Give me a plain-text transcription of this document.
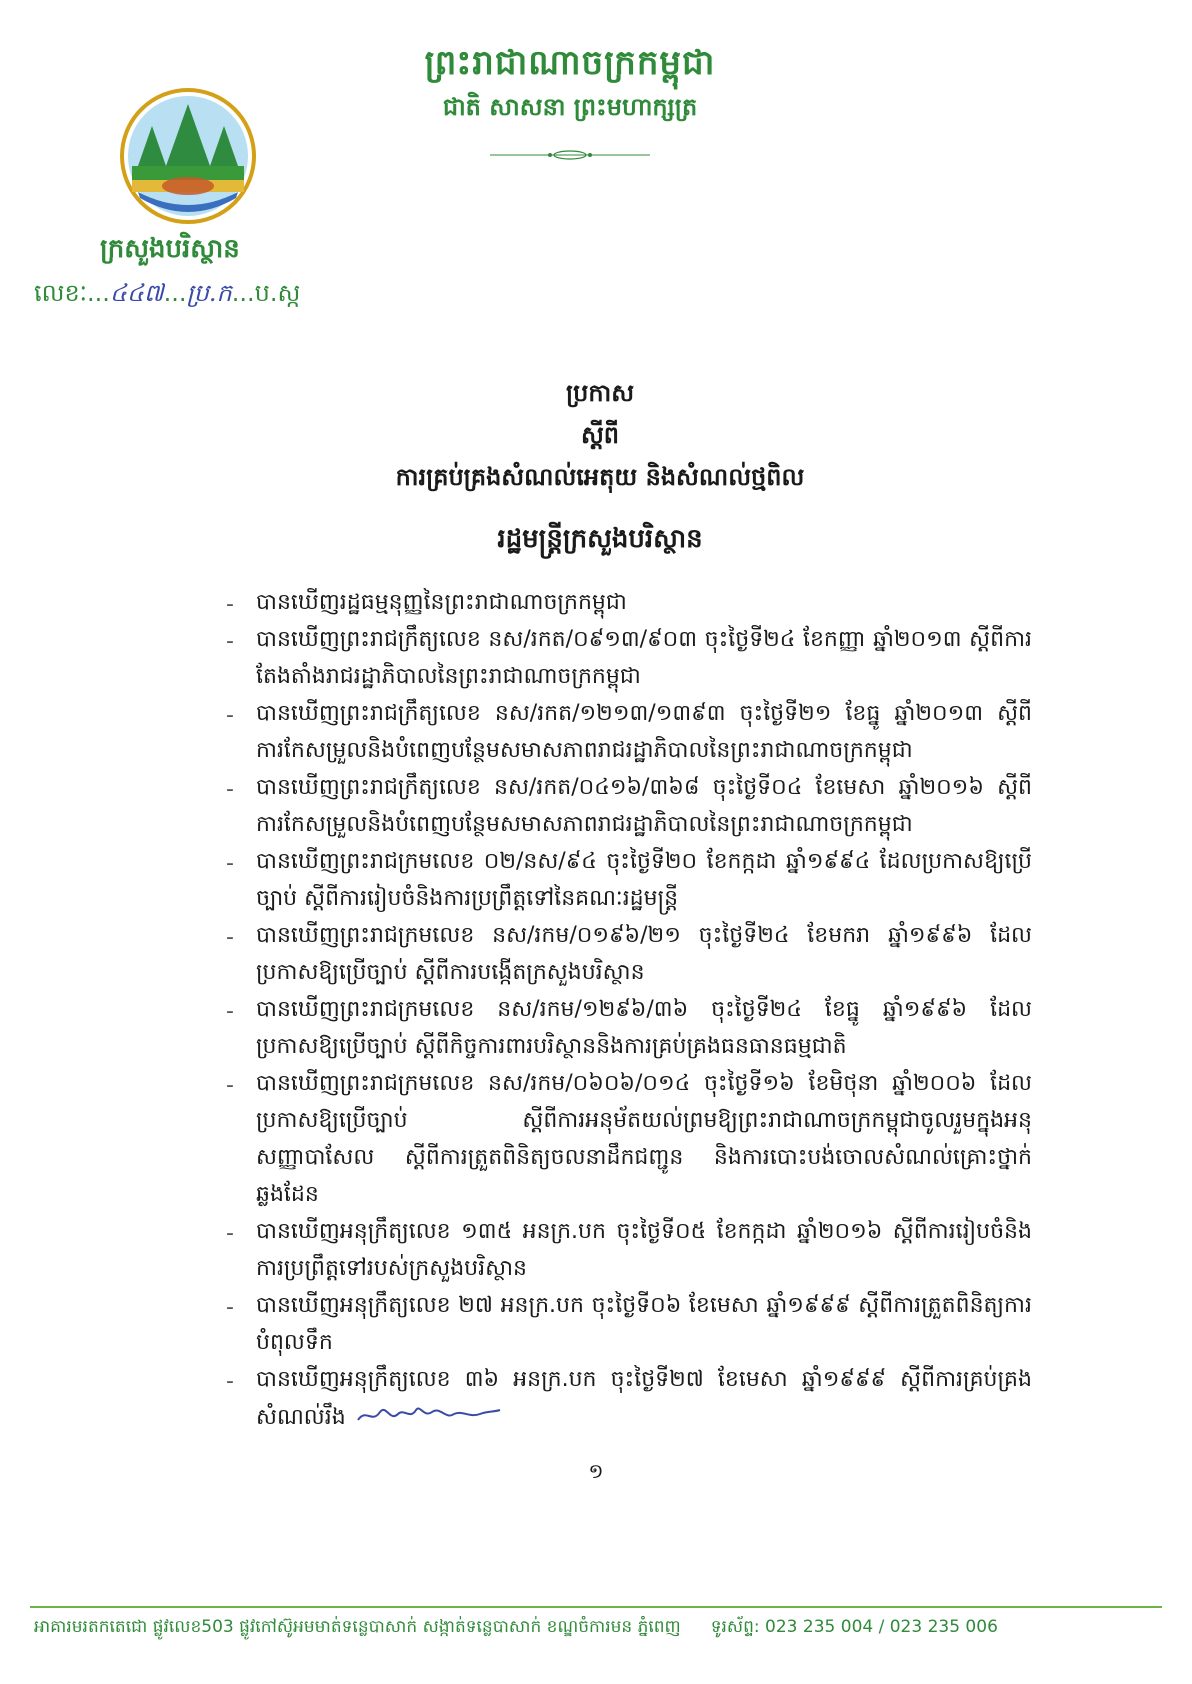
ព្រះរាជាណាចក្រកម្ពុជា
ជាតិ សាសនា ព្រះមហាក្សត្រ
ក្រសួងបរិស្ថាន
លេខៈ...៤៤៧...ប្រ.ក...ប.ស្ក
ប្រកាស
ស្តីពី
ការគ្រប់គ្រងសំណល់អេតុយ និងសំណល់ថ្មពិល
រដ្ឋមន្ត្រីក្រសួងបរិស្ថាន
- បានឃើញរដ្ឋធម្មនុញ្ញនៃព្រះរាជាណាចក្រកម្ពុជា
- បានឃើញព្រះរាជក្រឹត្យលេខ នស/រកត/០៩១៣/៩០៣ ចុះថ្ងៃទី២៤ ខែកញ្ញា ឆ្នាំ២០១៣ ស្តីពីការតែងតាំងរាជរដ្ឋាភិបាលនៃព្រះរាជាណាចក្រកម្ពុជា
- បានឃើញព្រះរាជក្រឹត្យលេខ នស/រកត/១២១៣/១៣៩៣ ចុះថ្ងៃទី២១ ខែធ្នូ ឆ្នាំ២០១៣ ស្តីពីការកែសម្រួលនិងបំពេញបន្ថែមសមាសភាពរាជរដ្ឋាភិបាលនៃព្រះរាជាណាចក្រកម្ពុជា
- បានឃើញព្រះរាជក្រឹត្យលេខ នស/រកត/០៤១៦/៣៦៨ ចុះថ្ងៃទី០៤ ខែមេសា ឆ្នាំ២០១៦ ស្តីពីការកែសម្រួលនិងបំពេញបន្ថែមសមាសភាពរាជរដ្ឋាភិបាលនៃព្រះរាជាណាចក្រកម្ពុជា
- បានឃើញព្រះរាជក្រមលេខ ០២/នស/៩៤ ចុះថ្ងៃទី២០ ខែកក្កដា ឆ្នាំ១៩៩៤ ដែលប្រកាសឱ្យប្រើច្បាប់ ស្តីពីការរៀបចំនិងការប្រព្រឹត្តទៅនៃគណៈរដ្ឋមន្ត្រី
- បានឃើញព្រះរាជក្រមលេខ នស/រកម/០១៩៦/២១ ចុះថ្ងៃទី២៤ ខែមករា ឆ្នាំ១៩៩៦ ដែលប្រកាសឱ្យប្រើច្បាប់ ស្តីពីការបង្កើតក្រសួងបរិស្ថាន
- បានឃើញព្រះរាជក្រមលេខ នស/រកម/១២៩៦/៣៦ ចុះថ្ងៃទី២៤ ខែធ្នូ ឆ្នាំ១៩៩៦ ដែលប្រកាសឱ្យប្រើច្បាប់ ស្តីពីកិច្ចការពារបរិស្ថាននិងការគ្រប់គ្រងធនធានធម្មជាតិ
- បានឃើញព្រះរាជក្រមលេខ នស/រកម/០៦០៦/០១៤ ចុះថ្ងៃទី១៦ ខែមិថុនា ឆ្នាំ២០០៦ ដែលប្រកាសឱ្យប្រើច្បាប់ ស្តីពីការអនុម័តយល់ព្រមឱ្យព្រះរាជាណាចក្រកម្ពុជាចូលរួមក្នុងអនុសញ្ញាបាសែល ស្តីពីការត្រួតពិនិត្យចលនាដឹកជញ្ជូន និងការបោះបង់ចោលសំណល់គ្រោះថ្នាក់ឆ្លងដែន
- បានឃើញអនុក្រឹត្យលេខ ១៣៥ អនក្រ.បក ចុះថ្ងៃទី០៥ ខែកក្កដា ឆ្នាំ២០១៦ ស្តីពីការរៀបចំនិងការប្រព្រឹត្តទៅរបស់ក្រសួងបរិស្ថាន
- បានឃើញអនុក្រឹត្យលេខ ២៧ អនក្រ.បក ចុះថ្ងៃទី០៦ ខែមេសា ឆ្នាំ១៩៩៩ ស្តីពីការត្រួតពិនិត្យការបំពុលទឹក
- បានឃើញអនុក្រឹត្យលេខ ៣៦ អនក្រ.បក ចុះថ្ងៃទី២៧ ខែមេសា ឆ្នាំ១៩៩៩ ស្តីពីការគ្រប់គ្រងសំណល់រឹង
១
អាគារមរតកតេជោ ផ្លូវលេខ503 ផ្លូវកៅស៊ូអមមាត់ទន្លេបាសាក់ សង្កាត់ទន្លេបាសាក់ ខណ្ឌចំការមន ភ្នំពេញ ទូរស័ព្ទ: 023 235 004 / 023 235 006
